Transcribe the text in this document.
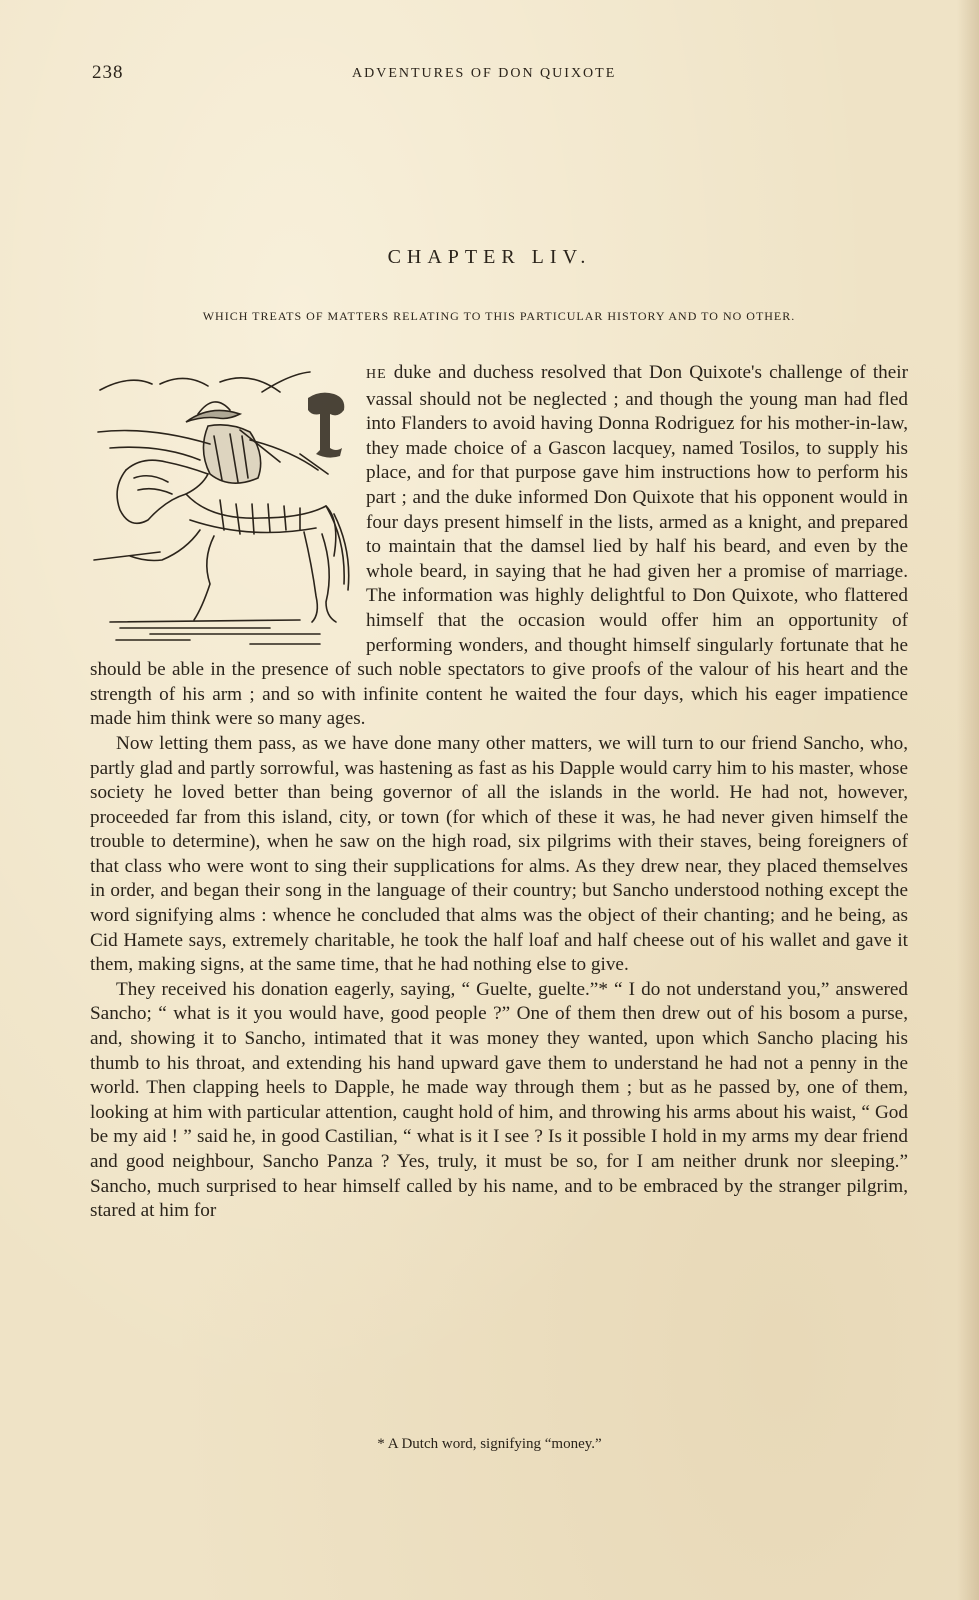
238	ADVENTURES OF DON QUIXOTE
CHAPTER LIV.
WHICH TREATS OF MATTERS RELATING TO THIS PARTICULAR HISTORY AND TO NO OTHER.

HE duke and duchess resolved that Don Quixote's challenge of their vassal should not be neglected ; and though the young man had fled into Flanders to avoid having Donna Rodriguez for his mother-in-law, they made choice of a Gascon lacquey, named Tosilos, to supply his place, and for that purpose gave him instructions how to perform his part ; and the duke informed Don Quixote that his opponent would in four days present himself in the lists, armed as a knight, and prepared to maintain that the damsel lied by half his beard, and even by the whole beard, in saying that he had given her a promise of marriage. The information was highly delightful to Don Quixote, who flattered himself that the occasion would offer him an opportunity of performing wonders, and thought himself singularly fortunate that he should be able in the presence of such noble spectators to give proofs of the valour of his heart and the strength of his arm ; and so with infinite content he waited the four days, which his eager impatience made him think were so many ages.

Now letting them pass, as we have done many other matters, we will turn to our friend Sancho, who, partly glad and partly sorrowful, was hastening as fast as his Dapple would carry him to his master, whose society he loved better than being governor of all the islands in the world. He had not, however, proceeded far from this island, city, or town (for which of these it was, he had never given himself the trouble to determine), when he saw on the high road, six pilgrims with their staves, being foreigners of that class who were wont to sing their supplications for alms. As they drew near, they placed themselves in order, and began their song in the language of their country; but Sancho understood nothing except the word signifying alms : whence he concluded that alms was the object of their chanting; and he being, as Cid Hamete says, extremely charitable, he took the half loaf and half cheese out of his wallet and gave it them, making signs, at the same time, that he had nothing else to give.

They received his donation eagerly, saying, “ Guelte, guelte.”* “ I do not understand you,” answered Sancho; “ what is it you would have, good people ?” One of them then drew out of his bosom a purse, and, showing it to Sancho, intimated that it was money they wanted, upon which Sancho placing his thumb to his throat, and extending his hand upward gave them to understand he had not a penny in the world. Then clapping heels to Dapple, he made way through them ; but as he passed by, one of them, looking at him with particular attention, caught hold of him, and throwing his arms about his waist, “ God be my aid ! ” said he, in good Castilian, “ what is it I see ? Is it possible I hold in my arms my dear friend and good neighbour, Sancho Panza ? Yes, truly, it must be so, for I am neither drunk nor sleeping.” Sancho, much surprised to hear himself called by his name, and to be embraced by the stranger pilgrim, stared at him for

* A Dutch word, signifying “money.”
